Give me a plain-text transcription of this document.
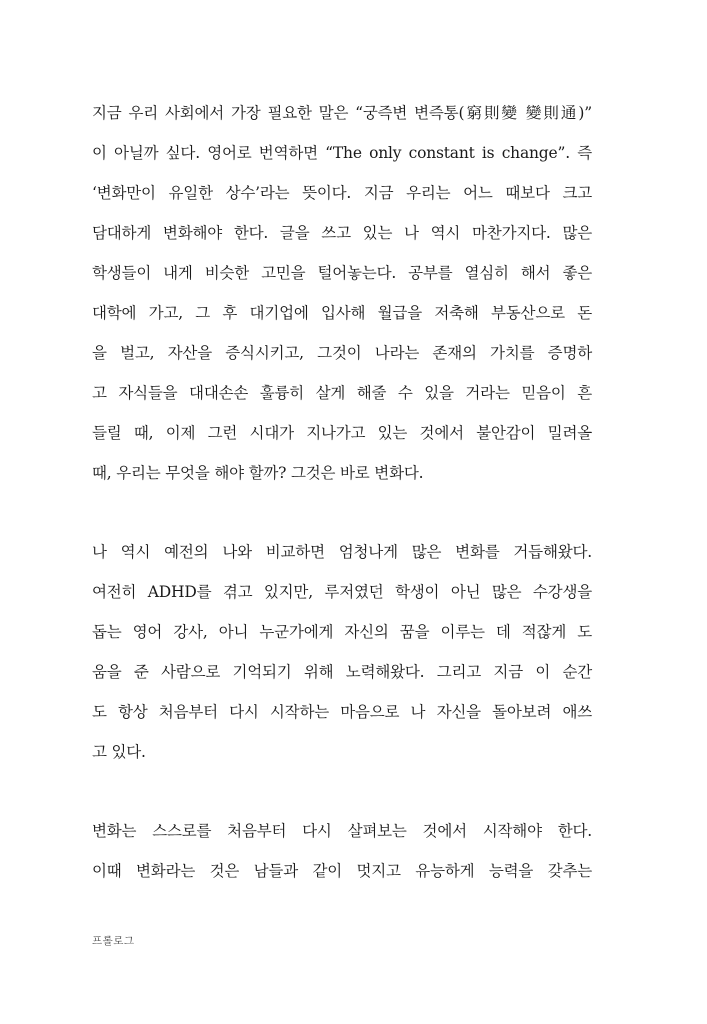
지금 우리 사회에서 가장 필요한 말은 “궁즉변 변즉통(窮則變 變則通)”
이 아닐까 싶다. 영어로 번역하면 “The only constant is change”. 즉
‘변화만이 유일한 상수’라는 뜻이다. 지금 우리는 어느 때보다 크고
담대하게 변화해야 한다. 글을 쓰고 있는 나 역시 마찬가지다. 많은
학생들이 내게 비슷한 고민을 털어놓는다. 공부를 열심히 해서 좋은
대학에 가고, 그 후 대기업에 입사해 월급을 저축해 부동산으로 돈
을 벌고, 자산을 증식시키고, 그것이 나라는 존재의 가치를 증명하
고 자식들을 대대손손 훌륭히 살게 해줄 수 있을 거라는 믿음이 흔
들릴 때, 이제 그런 시대가 지나가고 있는 것에서 불안감이 밀려올
때, 우리는 무엇을 해야 할까? 그것은 바로 변화다.
나 역시 예전의 나와 비교하면 엄청나게 많은 변화를 거듭해왔다.
여전히 ADHD를 겪고 있지만, 루저였던 학생이 아닌 많은 수강생을
돕는 영어 강사, 아니 누군가에게 자신의 꿈을 이루는 데 적잖게 도
움을 준 사람으로 기억되기 위해 노력해왔다. 그리고 지금 이 순간
도 항상 처음부터 다시 시작하는 마음으로 나 자신을 돌아보려 애쓰
고 있다.
변화는 스스로를 처음부터 다시 살펴보는 것에서 시작해야 한다.
이때 변화라는 것은 남들과 같이 멋지고 유능하게 능력을 갖추는
프롤로그
